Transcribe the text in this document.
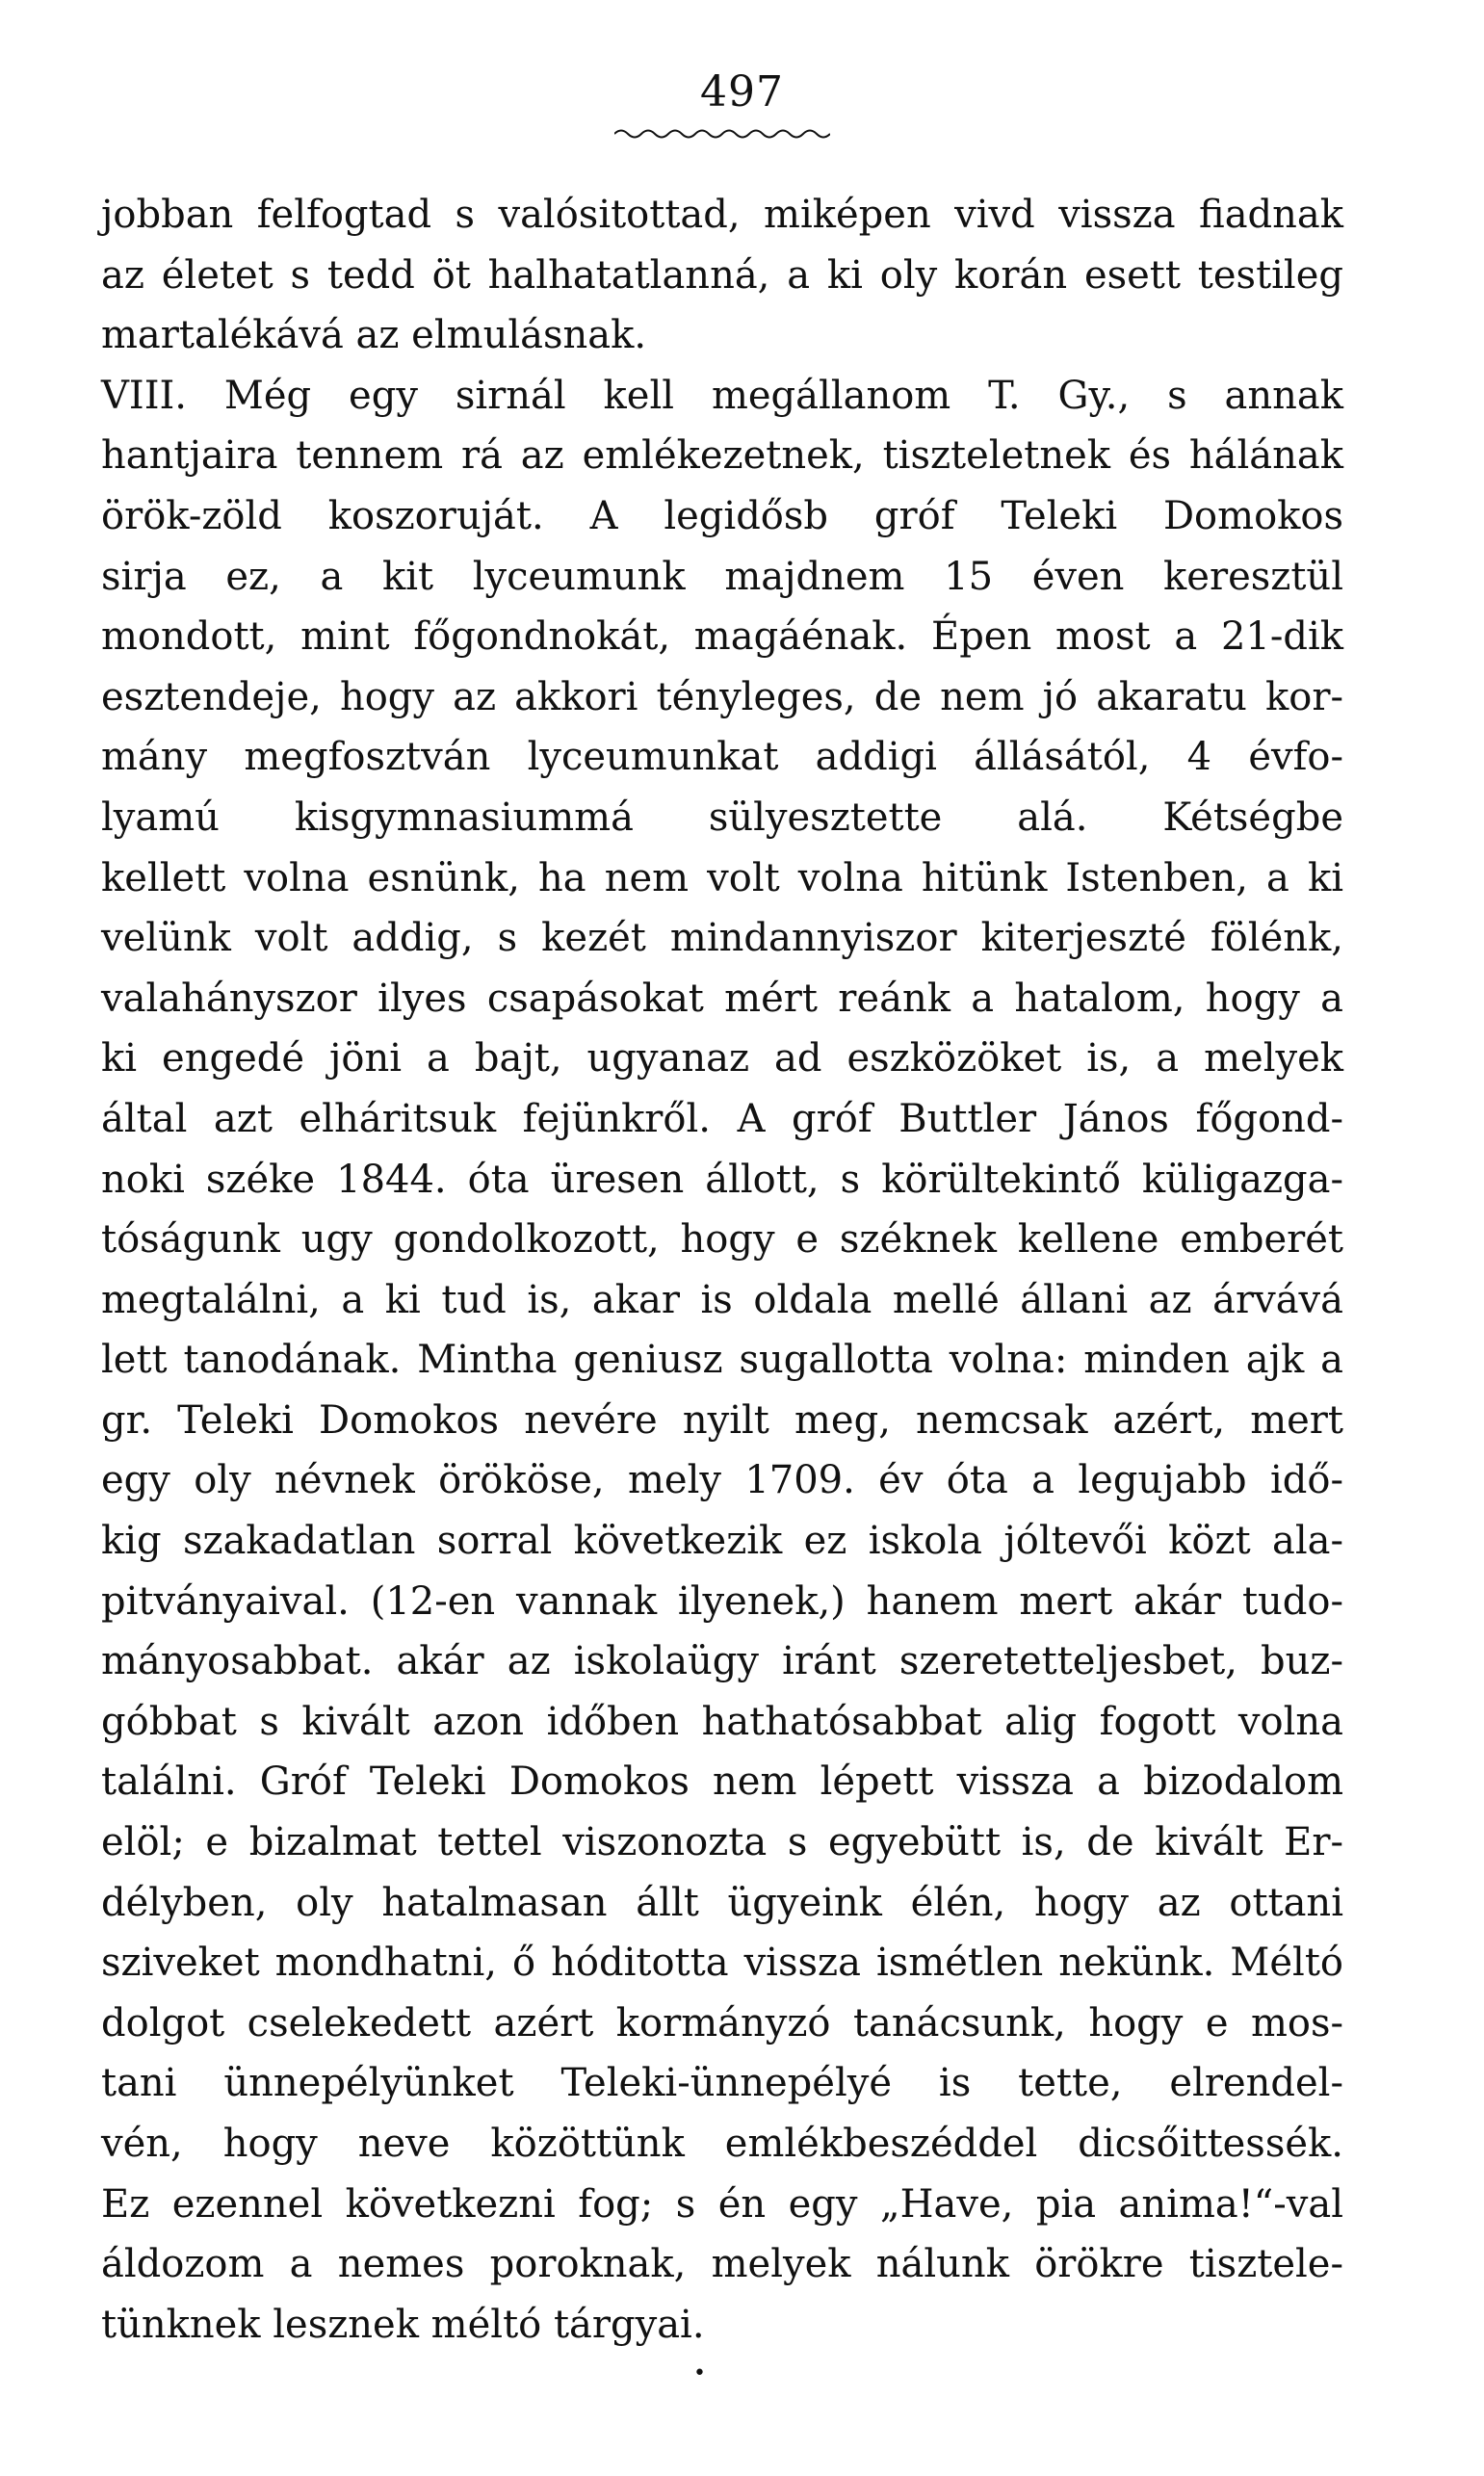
497
jobban felfogtad s valósitottad, miképen vivd vissza fiadnak
az életet s tedd öt halhatatlanná, a ki oly korán esett testileg
martalékává az elmulásnak.
VIII. Még egy sirnál kell megállanom T. Gy., s annak
hantjaira tennem rá az emlékezetnek, tiszteletnek és hálának
örök-zöld koszoruját. A legidősb gróf Teleki Domokos
sirja ez, a kit lyceumunk majdnem 15 éven keresztül
mondott, mint főgondnokát, magáénak. Épen most a 21-dik
esztendeje, hogy az akkori tényleges, de nem jó akaratu kor-
mány megfosztván lyceumunkat addigi állásától, 4 évfo-
lyamú kisgymnasiummá sülyesztette alá. Kétségbe
kellett volna esnünk, ha nem volt volna hitünk Istenben, a ki
velünk volt addig, s kezét mindannyiszor kiterjeszté fölénk,
valahányszor ilyes csapásokat mért reánk a hatalom, hogy a
ki engedé jöni a bajt, ugyanaz ad eszközöket is, a melyek
által azt elháritsuk fejünkről. A gróf Buttler János főgond-
noki széke 1844. óta üresen állott, s körültekintő küligazga-
tóságunk ugy gondolkozott, hogy e széknek kellene emberét
megtalálni, a ki tud is, akar is oldala mellé állani az árvává
lett tanodának. Mintha geniusz sugallotta volna: minden ajk a
gr. Teleki Domokos nevére nyilt meg, nemcsak azért, mert
egy oly névnek örököse, mely 1709. év óta a legujabb idő-
kig szakadatlan sorral következik ez iskola jóltevői közt ala-
pitványaival. (12-en vannak ilyenek,) hanem mert akár tudo-
mányosabbat. akár az iskolaügy iránt szeretetteljesbet, buz-
góbbat s kivált azon időben hathatósabbat alig fogott volna
találni. Gróf Teleki Domokos nem lépett vissza a bizodalom
elöl; e bizalmat tettel viszonozta s egyebütt is, de kivált Er-
délyben, oly hatalmasan állt ügyeink élén, hogy az ottani
sziveket mondhatni, ő hóditotta vissza ismétlen nekünk. Méltó
dolgot cselekedett azért kormányzó tanácsunk, hogy e mos-
tani ünnepélyünket Teleki-ünnepélyé is tette, elrendel-
vén, hogy neve közöttünk emlékbeszéddel dicsőittessék.
Ez ezennel következni fog; s én egy „Have, pia anima!“-val
áldozom a nemes poroknak, melyek nálunk örökre tisztele-
tünknek lesznek méltó tárgyai.
•
